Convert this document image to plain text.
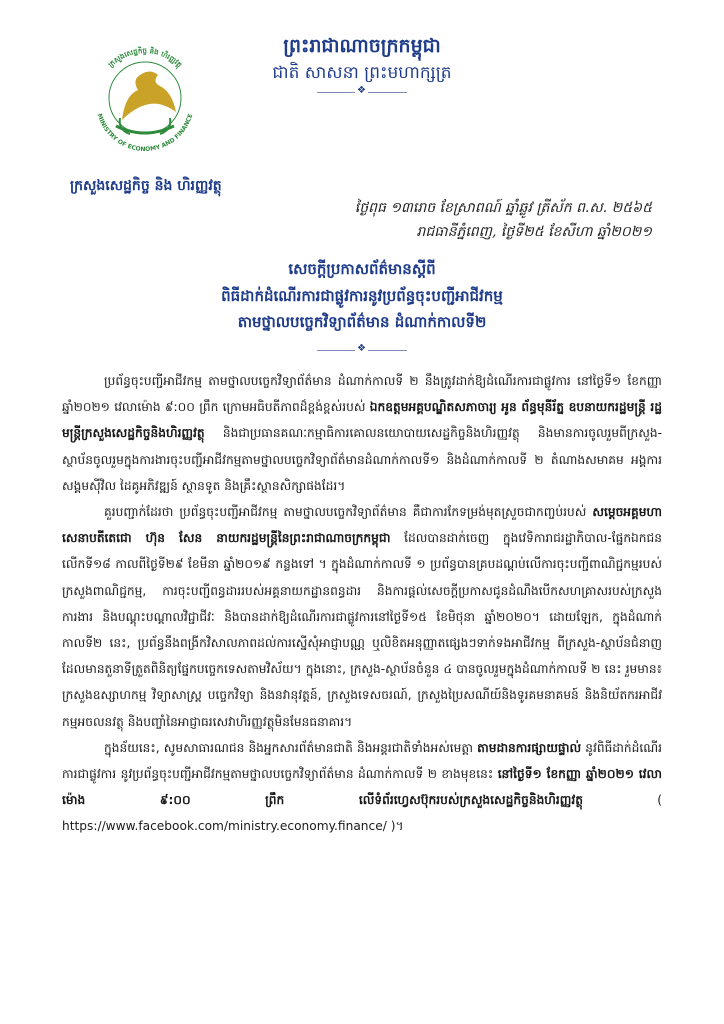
ព្រះរាជាណាចក្រកម្ពុជា
ជាតិ សាសនា ព្រះមហាក្សត្រ
❖
ក្រសួងសេដ្ឋកិច្ច និង ហិរញ្ញវត្ថុ
MINISTRY OF ECONOMY AND FINANCE
ក្រសួងសេដ្ឋកិច្ច និង ហិរញ្ញវត្ថុ
ថ្ងៃពុធ ១៣រោច ខែស្រាពណ៍ ឆ្នាំឆ្លូវ ត្រីស័ក ព.ស. ២៥៦៥
រាជធានីភ្នំពេញ, ថ្ងៃទី២៥ ខែសីហា ឆ្នាំ២០២១
សេចក្តីប្រកាសព័ត៌មានស្តីពី
ពិធីដាក់ដំណើរការជាផ្លូវការនូវប្រព័ន្ធចុះបញ្ជីអាជីវកម្ម
តាមថ្នាលបច្ចេកវិទ្យាព័ត៌មាន ដំណាក់កាលទី២
❖

ប្រព័ន្ធចុះបញ្ជីអាជីវកម្ម តាមថ្នាលបច្ចេកវិទ្យាព័ត៌មាន ដំណាក់កាលទី ២ នឹងត្រូវដាក់ឱ្យដំណើរការជាផ្លូវការ នៅថ្ងៃទី១ ខែកញ្ញា ឆ្នាំ២០២១ វេលាម៉ោង ៩:០០ ព្រឹក ក្រោមអធិបតីភាពដ៏ខ្ពង់ខ្ពស់របស់ ឯកឧត្តមអគ្គបណ្ឌិតសភាចារ្យ អូន ព័ន្ធមុនីរ័ត្ន ឧបនាយករដ្ឋមន្ត្រី រដ្ឋមន្ត្រីក្រសួងសេដ្ឋកិច្ចនិងហិរញ្ញវត្ថុ និងជាប្រធានគណៈកម្មាធិការគោលនយោបាយសេដ្ឋកិច្ចនិងហិរញ្ញវត្ថុ និងមានការចូលរួមពីក្រសួង-ស្ថាប័នចូលរួមក្នុងការងារចុះបញ្ជីអាជីវកម្មតាមថ្នាលបច្ចេកវិទ្យាព័ត៌មានដំណាក់កាលទី១ និងដំណាក់កាលទី ២ តំណាងសមាគម អង្គការសង្គមស៊ីវិល ដៃគូអភិវឌ្ឍន៍ ស្ថានទូត និងគ្រឹះស្ថានសិក្សាផងដែរ។

គួរបញ្ជាក់ដែរថា ប្រព័ន្ធចុះបញ្ជីអាជីវកម្ម តាមថ្នាលបច្ចេកវិទ្យាព័ត៌មាន គឺជាការកែទម្រង់មុតស្រួចជាកញ្ចប់របស់ សម្តេចអគ្គមហាសេនាបតីតេជោ ហ៊ុន សែន នាយករដ្ឋមន្ត្រីនៃព្រះរាជាណាចក្រកម្ពុជា ដែលបានដាក់ចេញ ក្នុងវេទិការាជរដ្ឋាភិបាល-ផ្នែកឯកជន លើកទី១៨ កាលពីថ្ងៃទី២៩ ខែមីនា ឆ្នាំ២០១៩ កន្លងទៅ ។ ក្នុងដំណាក់កាលទី ១ ប្រព័ន្ធបានគ្របដណ្តប់លើការចុះបញ្ជីពាណិជ្ជកម្មរបស់ក្រសួងពាណិជ្ជកម្ម, ការចុះបញ្ជីពន្ធដាររបស់អគ្គនាយកដ្ឋានពន្ធដារ និងការផ្តល់សេចក្តីប្រកាសជូនដំណឹងបើកសហគ្រាសរបស់ក្រសួងការងារ និងបណ្តុះបណ្តាលវិជ្ជាជីវៈ និងបានដាក់ឱ្យដំណើរការជាផ្លូវការនៅថ្ងៃទី១៥ ខែមិថុនា ឆ្នាំ២០២០។ ដោយឡែក, ក្នុងដំណាក់កាលទី២ នេះ, ប្រព័ន្ធនឹងពង្រីកវិសាលភាពដល់ការស្នើសុំអាជ្ញាបណ្ណ ឬលិខិតអនុញ្ញាតផ្សេងៗទាក់ទងអាជីវកម្ម ពីក្រសួង-ស្ថាប័នជំនាញដែលមានតួនាទីត្រួតពិនិត្យផ្នែកបច្ចេកទេសតាមវិស័យ។ ក្នុងនោះ, ក្រសួង-ស្ថាប័នចំនួន ៤ បានចូលរួមក្នុងដំណាក់កាលទី ២ នេះ រួមមាន៖ ក្រសួងឧស្សាហកម្ម វិទ្យាសាស្ត្រ បច្ចេកវិទ្យា និងនវានុវត្តន៍, ក្រសួងទេសចរណ៍, ក្រសួងប្រៃសណីយ៍និងទូរគមនាគមន៍ និងនិយ័តករអាជីវកម្មអចលនវត្ថុ និងបញ្ចាំនៃអាជ្ញាធរសេវាហិរញ្ញវត្ថុមិនមែនធនាគារ។

ក្នុងន័យនេះ, សូមសាធារណជន និងអ្នកសារព័ត៌មានជាតិ និងអន្តរជាតិទាំងអស់មេត្តា តាមដានការផ្សាយផ្ទាល់ នូវពិធីដាក់ដំណើរការជាផ្លូវការ នូវប្រព័ន្ធចុះបញ្ជីអាជីវកម្មតាមថ្នាលបច្ចេកវិទ្យាព័ត៌មាន ដំណាក់កាលទី ២ ខាងមុខនេះ នៅថ្ងៃទី១ ខែកញ្ញា ឆ្នាំ២០២១ វេលាម៉ោង ៩:០០ ព្រឹក លើទំព័រហ្វេសប៊ុករបស់ក្រសួងសេដ្ឋកិច្ចនិងហិរញ្ញវត្ថុ ( https://www.facebook.com/ministry.economy.finance/ )។
